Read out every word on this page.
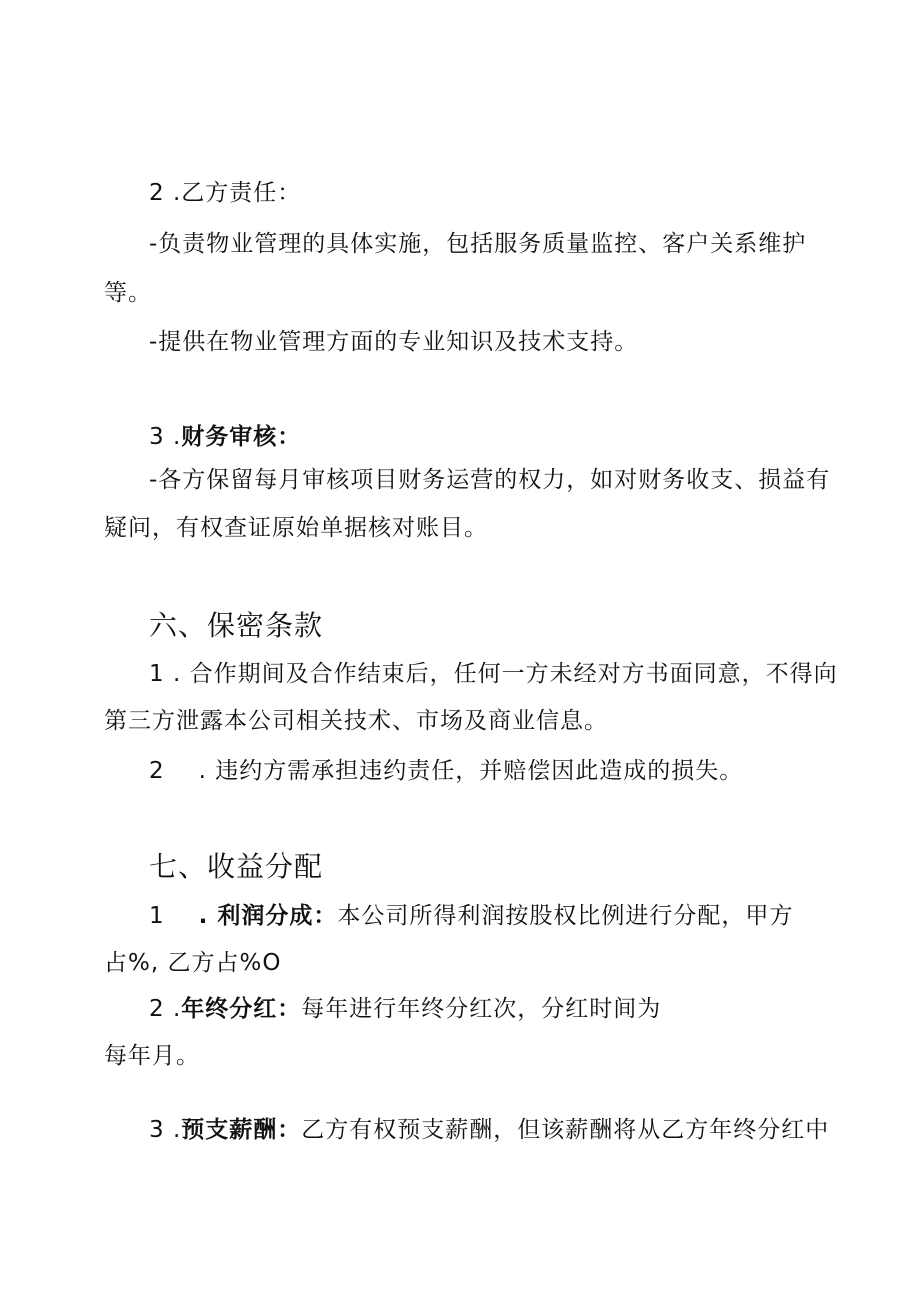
2 .乙方责任：
-负责物业管理的具体实施，包括服务质量监控、客户关系维护
等。
-提供在物业管理方面的专业知识及技术支持。
3 .财务审核：
-各方保留每月审核项目财务运营的权力，如对财务收支、损益有
疑问，有权查证原始单据核对账目。
六、保密条款
1 . 合作期间及合作结束后，任何一方未经对方书面同意，不得向
第三方泄露本公司相关技术、市场及商业信息。
2 . 违约方需承担违约责任，并赔偿因此造成的损失。
七、收益分配
1 . 利润分成：本公司所得利润按股权比例进行分配，甲方
占%, 乙方占%O
2 .年终分红：每年进行年终分红次，分红时间为
每年月。
3 .预支薪酬：乙方有权预支薪酬，但该薪酬将从乙方年终分红中
